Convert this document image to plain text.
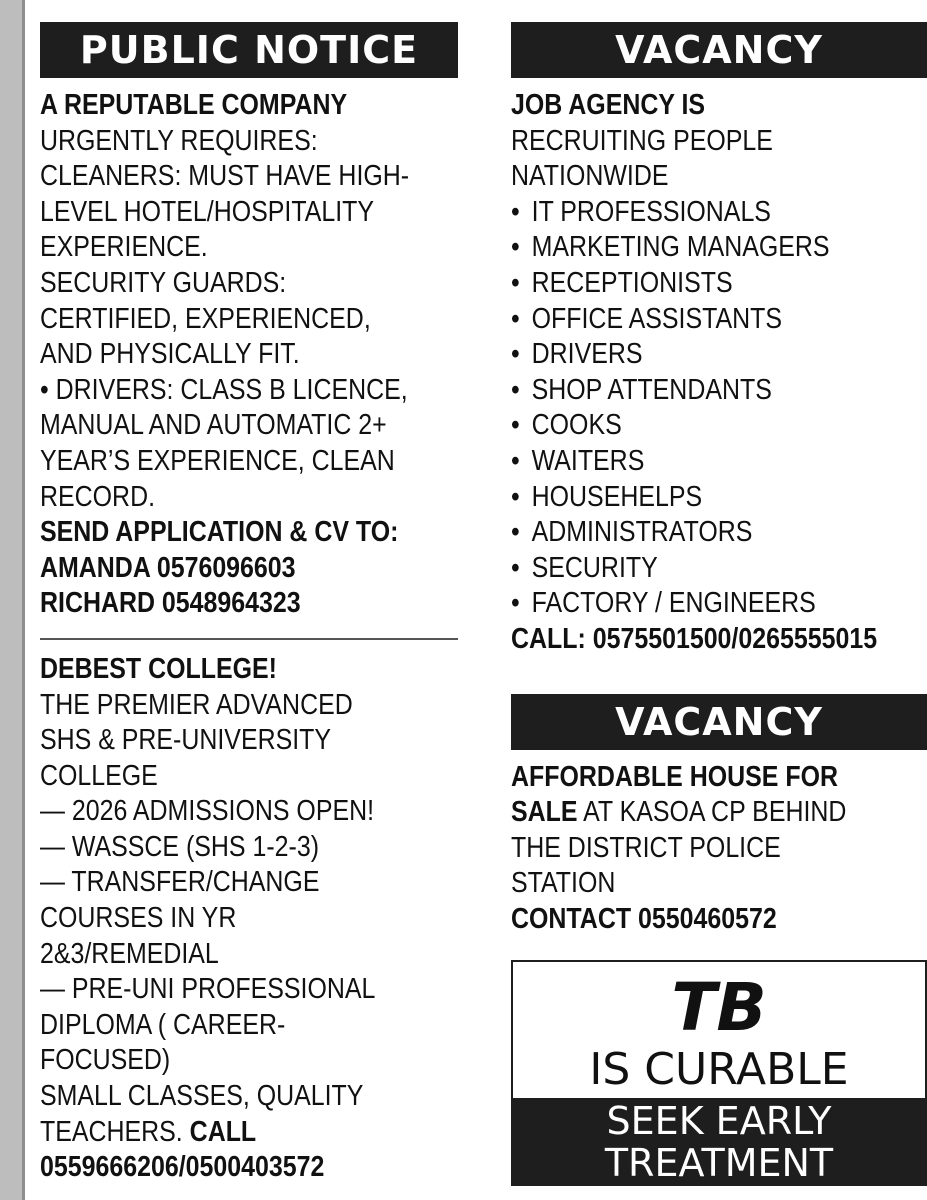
PUBLIC NOTICE
A REPUTABLE COMPANY
URGENTLY REQUIRES:
CLEANERS: MUST HAVE HIGH-
LEVEL HOTEL/HOSPITALITY
EXPERIENCE.
SECURITY GUARDS:
CERTIFIED, EXPERIENCED,
AND PHYSICALLY FIT.
• DRIVERS: CLASS B LICENCE,
MANUAL AND AUTOMATIC 2+
YEAR’S EXPERIENCE, CLEAN
RECORD.
SEND APPLICATION & CV TO:
AMANDA 0576096603
RICHARD 0548964323
DEBEST COLLEGE!
THE PREMIER ADVANCED
SHS & PRE-UNIVERSITY
COLLEGE
— 2026 ADMISSIONS OPEN!
— WASSCE (SHS 1-2-3)
— TRANSFER/CHANGE
COURSES IN YR
2&3/REMEDIAL
— PRE-UNI PROFESSIONAL
DIPLOMA ( CAREER-
FOCUSED)
SMALL CLASSES, QUALITY
TEACHERS. CALL
0559666206/0500403572
VACANCY
JOB AGENCY IS
RECRUITING PEOPLE
NATIONWIDE
• IT PROFESSIONALS
• MARKETING MANAGERS
• RECEPTIONISTS
• OFFICE ASSISTANTS
• DRIVERS
• SHOP ATTENDANTS
• COOKS
• WAITERS
• HOUSEHELPS
• ADMINISTRATORS
• SECURITY
• FACTORY / ENGINEERS
CALL: 0575501500/0265555015
VACANCY
AFFORDABLE HOUSE FOR
SALE AT KASOA CP BEHIND
THE DISTRICT POLICE
STATION
CONTACT 0550460572
TB
IS CURABLE
SEEK EARLY
TREATMENT
